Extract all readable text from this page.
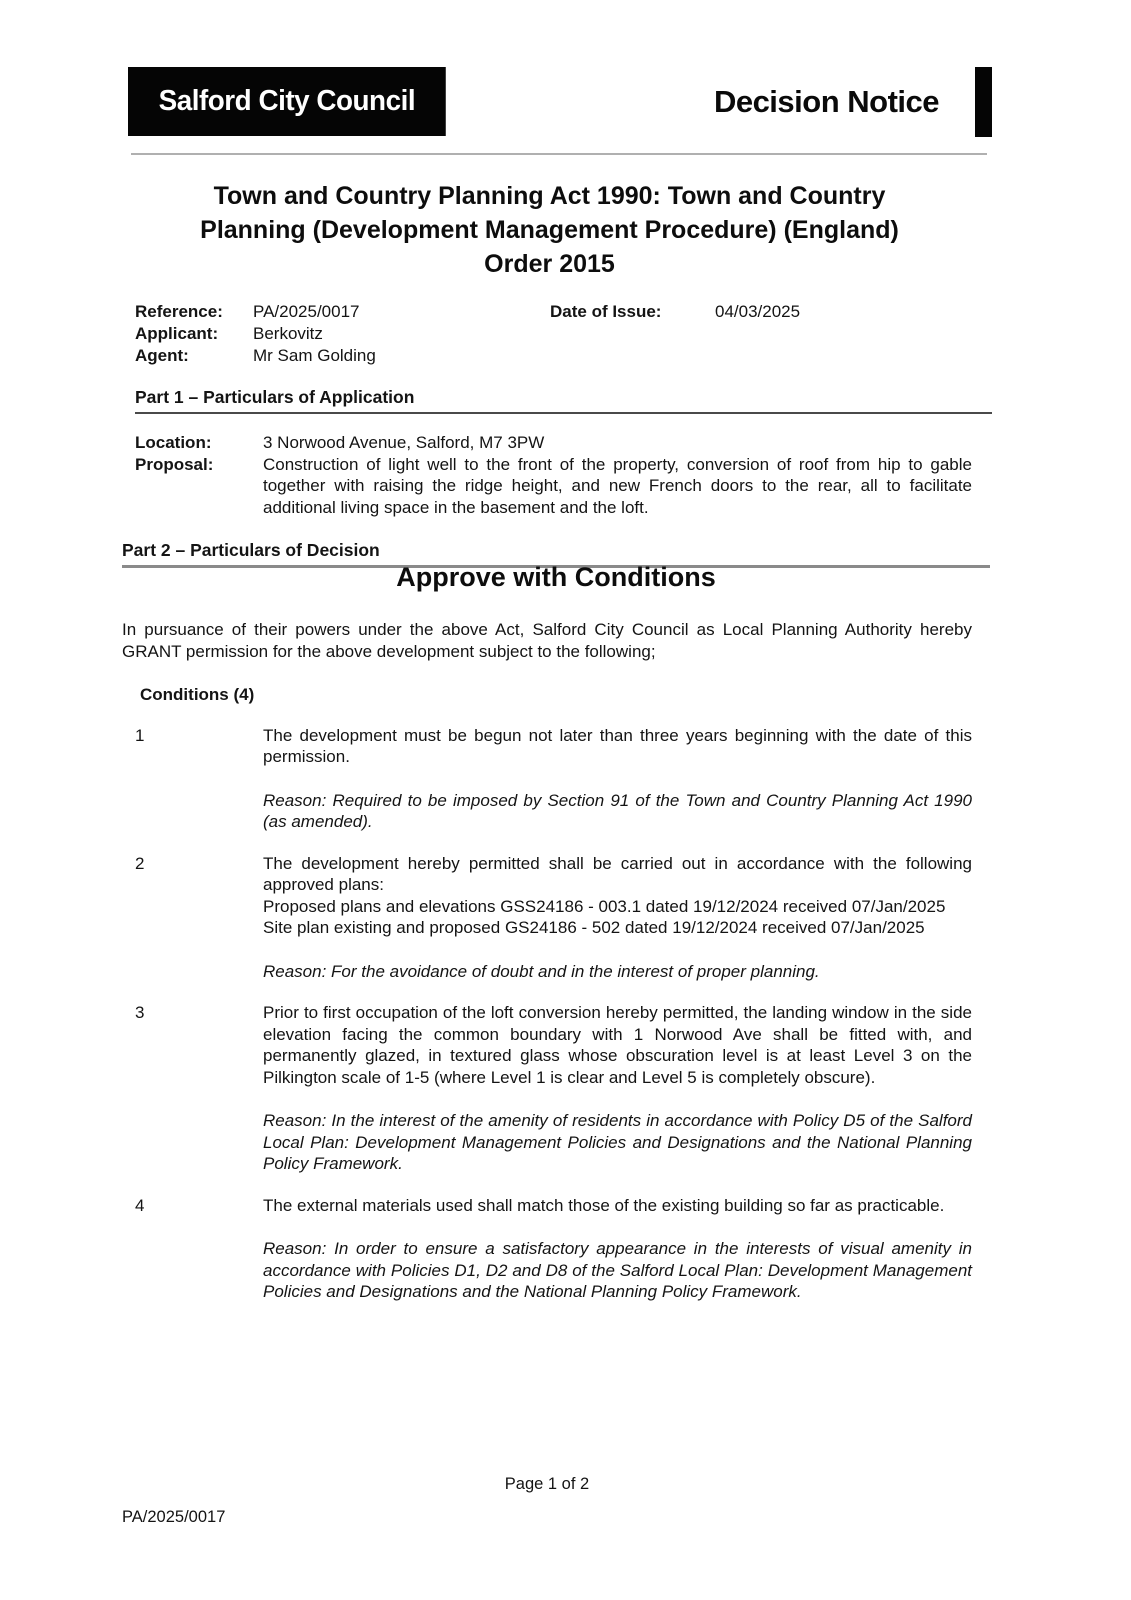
Salford City Council	Decision Notice
Town and Country Planning Act 1990: Town and Country
Planning (Development Management Procedure) (England)
Order 2015
Reference:	PA/2025/0017	Date of Issue:	04/03/2025
Applicant:	Berkovitz
Agent:	Mr Sam Golding
Part 1 – Particulars of Application
Location:	3 Norwood Avenue, Salford, M7 3PW
Proposal:	Construction of light well to the front of the property, conversion of roof from hip to gable together with raising the ridge height, and new French doors to the rear, all to facilitate additional living space in the basement and the loft.
Part 2 – Particulars of Decision
Approve with Conditions

In pursuance of their powers under the above Act, Salford City Council as Local Planning Authority hereby GRANT permission for the above development subject to the following;

Conditions (4)
1	The development must be begun not later than three years beginning with the date of this permission.

Reason: Required to be imposed by Section 91 of the Town and Country Planning Act 1990 (as amended).

2	The development hereby permitted shall be carried out in accordance with the following approved plans:

Proposed plans and elevations GSS24186 - 003.1 dated 19/12/2024 received 07/Jan/2025

Site plan existing and proposed GS24186 - 502 dated 19/12/2024 received 07/Jan/2025

Reason: For the avoidance of doubt and in the interest of proper planning.

3	Prior to first occupation of the loft conversion hereby permitted, the landing window in the side elevation facing the common boundary with 1 Norwood Ave shall be fitted with, and permanently glazed, in textured glass whose obscuration level is at least Level 3 on the Pilkington scale of 1-5 (where Level 1 is clear and Level 5 is completely obscure).

Reason: In the interest of the amenity of residents in accordance with Policy D5 of the Salford Local Plan: Development Management Policies and Designations and the National Planning Policy Framework.

4	The external materials used shall match those of the existing building so far as practicable.

Reason: In order to ensure a satisfactory appearance in the interests of visual amenity in accordance with Policies D1, D2 and D8 of the Salford Local Plan: Development Management Policies and Designations and the National Planning Policy Framework.

Page 1 of 2
PA/2025/0017
